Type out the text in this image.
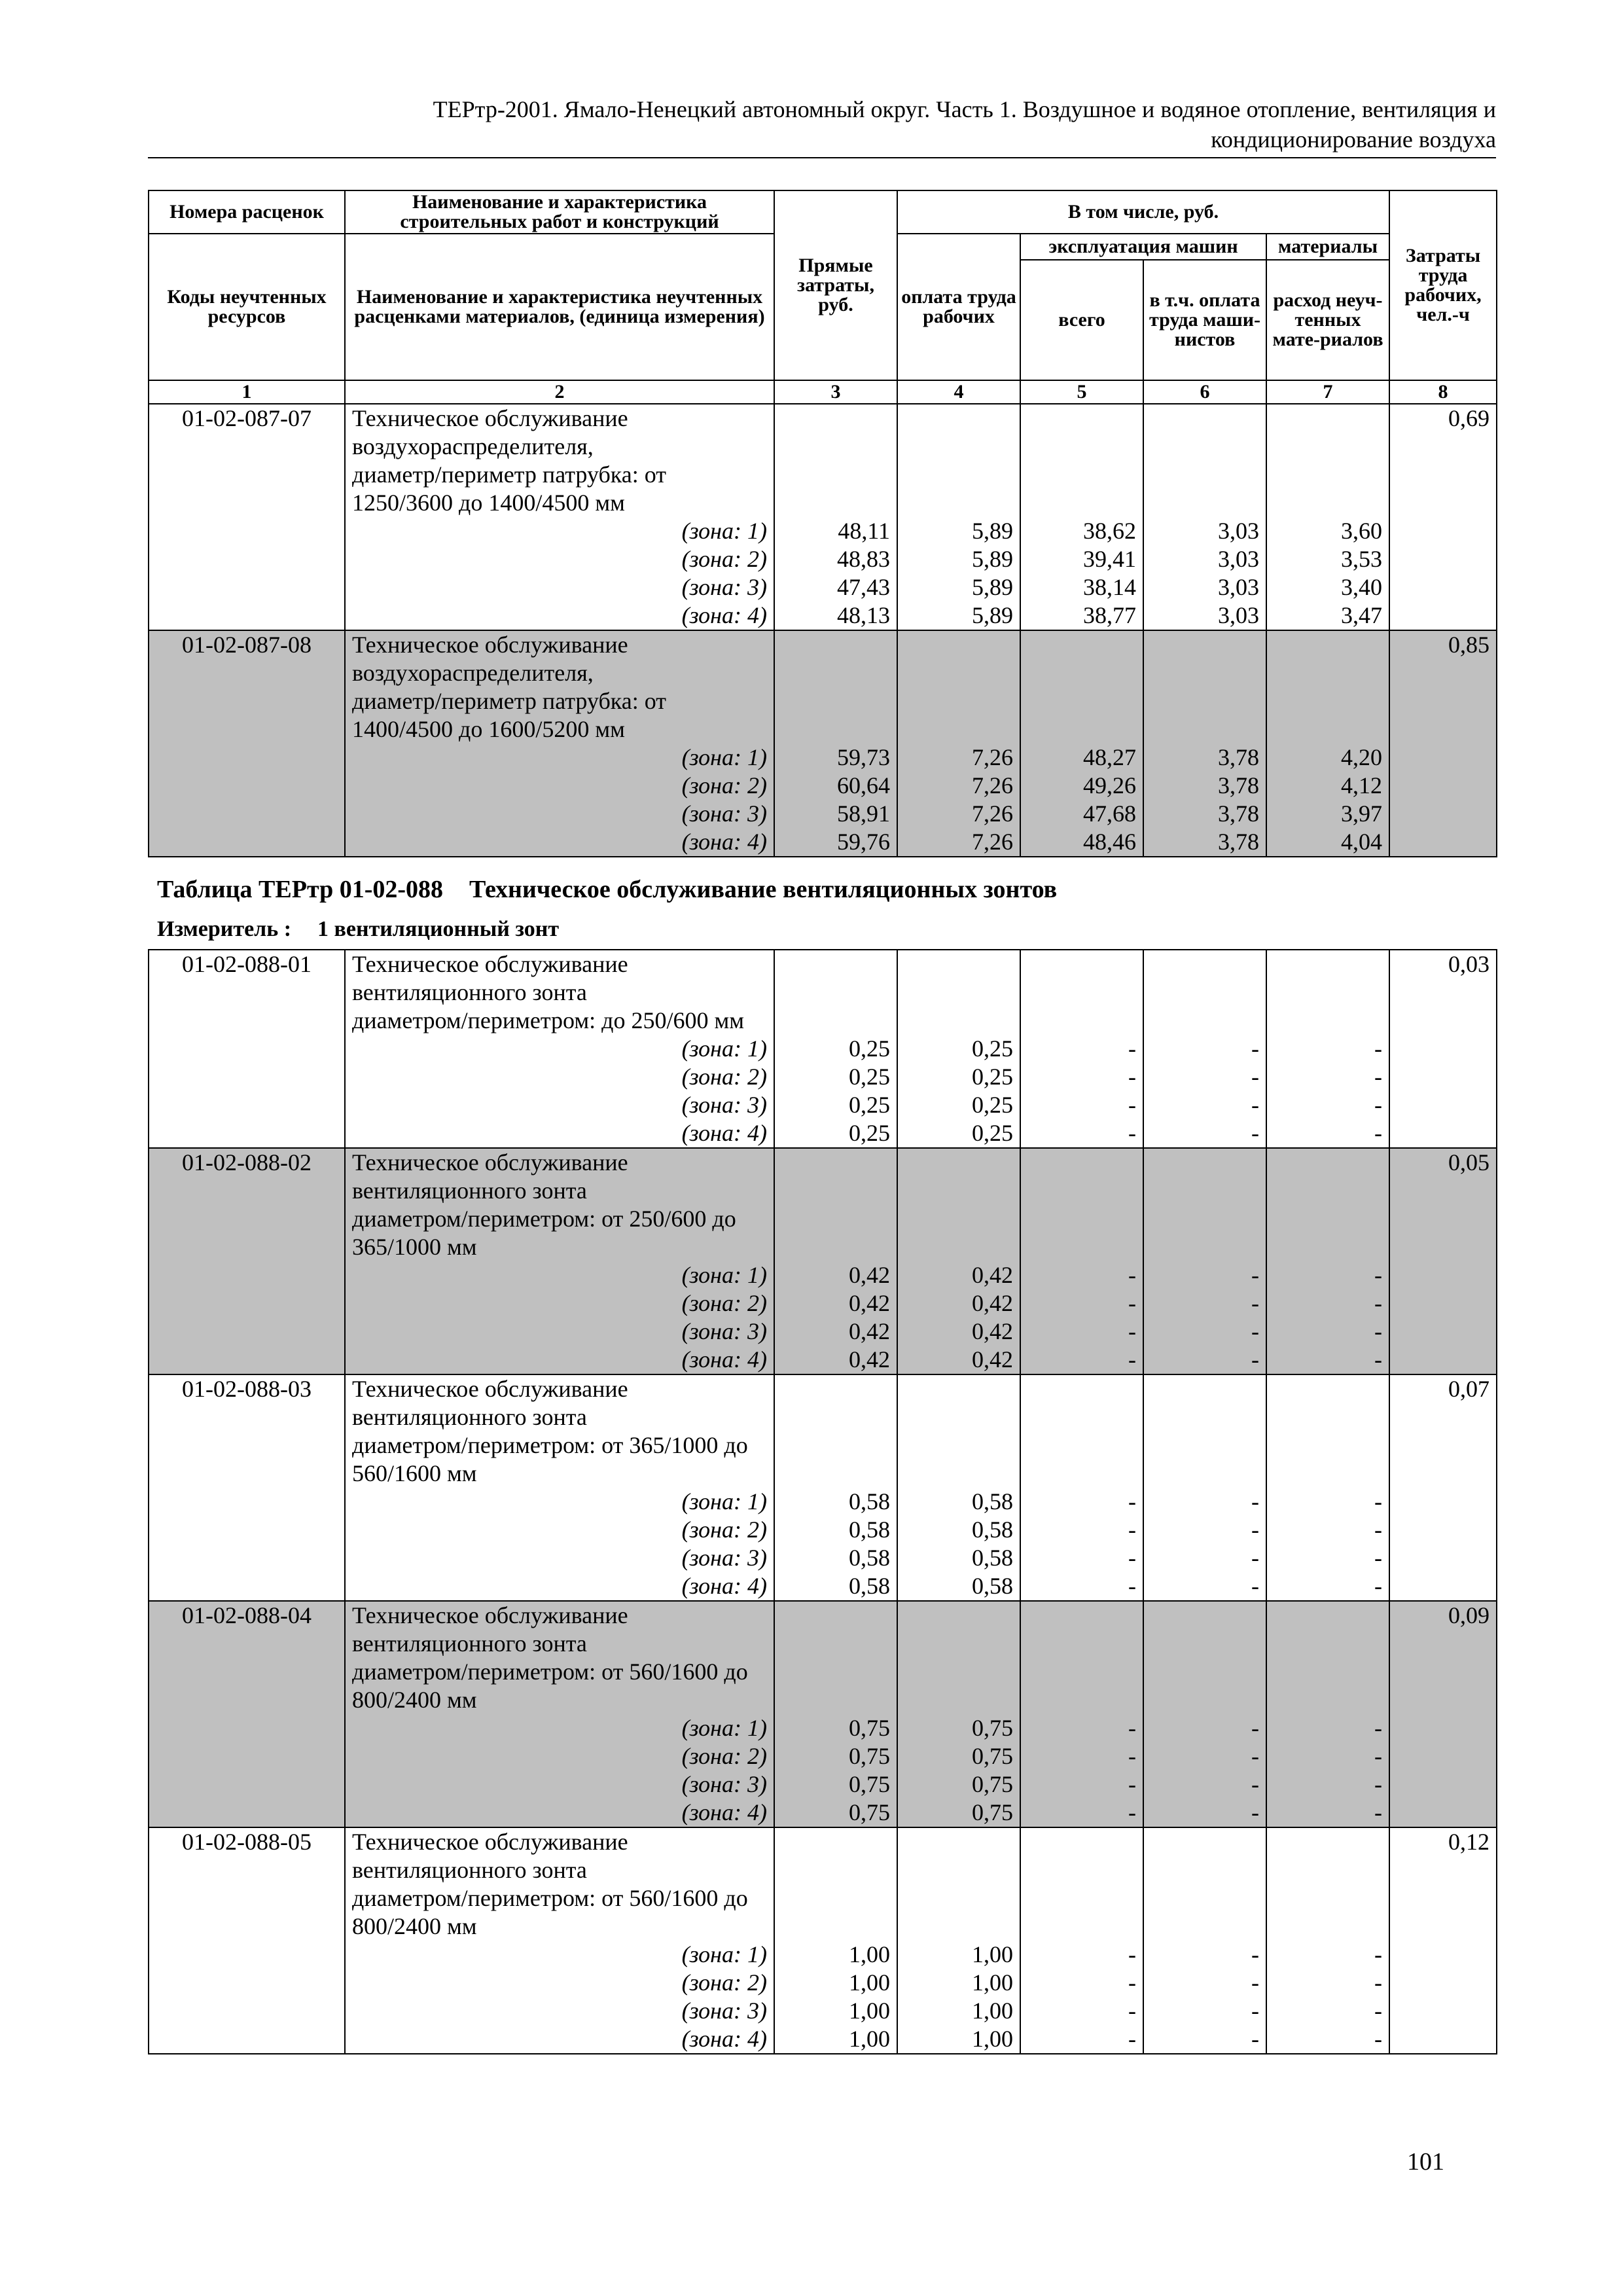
ТЕРтр-2001. Ямало-Ненецкий автономный округ. Часть 1. Воздушное и водяное отопление, вентиляция и
кондиционирование воздуха
Номера расценок	Наименование и характеристика строительных работ и конструкций	Прямые затраты, руб.	В том числе, руб.				Затраты труда рабочих, чел.-ч
Коды неучтенных ресурсов	Наименование и характеристика неучтенных расценками материалов, (единица измерения)		оплата труда рабочих	эксплуатация машин		материалы	
				всего	в т.ч. оплата труда маши-нистов	расход неуч-тенных мате-риалов	
1	2	3	4	5	6	7	8
01-02-087-07	Техническое обслуживание						0,69
	воздухораспределителя,						
	диаметр/периметр патрубка: от						
	1250/3600 до 1400/4500 мм						
	(зона: 1)	48,11	5,89	38,62	3,03	3,60	
	(зона: 2)	48,83	5,89	39,41	3,03	3,53	
	(зона: 3)	47,43	5,89	38,14	3,03	3,40	
	(зона: 4)	48,13	5,89	38,77	3,03	3,47	
01-02-087-08	Техническое обслуживание						0,85
	воздухораспределителя,						
	диаметр/периметр патрубка: от						
	1400/4500 до 1600/5200 мм						
	(зона: 1)	59,73	7,26	48,27	3,78	4,20	
	(зона: 2)	60,64	7,26	49,26	3,78	4,12	
	(зона: 3)	58,91	7,26	47,68	3,78	3,97	
	(зона: 4)	59,76	7,26	48,46	3,78	4,04	
Таблица ТЕРтр 01-02-088 Техническое обслуживание вентиляционных зонтов
Измеритель : 1 вентиляционный зонт
01-02-088-01	Техническое обслуживание						0,03
	вентиляционного зонта						
	диаметром/периметром: до 250/600 мм						
	(зона: 1)	0,25	0,25	-	-	-	
	(зона: 2)	0,25	0,25	-	-	-	
	(зона: 3)	0,25	0,25	-	-	-	
	(зона: 4)	0,25	0,25	-	-	-	
01-02-088-02	Техническое обслуживание						0,05
	вентиляционного зонта						
	диаметром/периметром: от 250/600 до						
	365/1000 мм						
	(зона: 1)	0,42	0,42	-	-	-	
	(зона: 2)	0,42	0,42	-	-	-	
	(зона: 3)	0,42	0,42	-	-	-	
	(зона: 4)	0,42	0,42	-	-	-	
01-02-088-03	Техническое обслуживание						0,07
	вентиляционного зонта						
	диаметром/периметром: от 365/1000 до						
	560/1600 мм						
	(зона: 1)	0,58	0,58	-	-	-	
	(зона: 2)	0,58	0,58	-	-	-	
	(зона: 3)	0,58	0,58	-	-	-	
	(зона: 4)	0,58	0,58	-	-	-	
01-02-088-04	Техническое обслуживание						0,09
	вентиляционного зонта						
	диаметром/периметром: от 560/1600 до						
	800/2400 мм						
	(зона: 1)	0,75	0,75	-	-	-	
	(зона: 2)	0,75	0,75	-	-	-	
	(зона: 3)	0,75	0,75	-	-	-	
	(зона: 4)	0,75	0,75	-	-	-	
01-02-088-05	Техническое обслуживание						0,12
	вентиляционного зонта						
	диаметром/периметром: от 560/1600 до						
	800/2400 мм						
	(зона: 1)	1,00	1,00	-	-	-	
	(зона: 2)	1,00	1,00	-	-	-	
	(зона: 3)	1,00	1,00	-	-	-	
	(зона: 4)	1,00	1,00	-	-	-	
101
